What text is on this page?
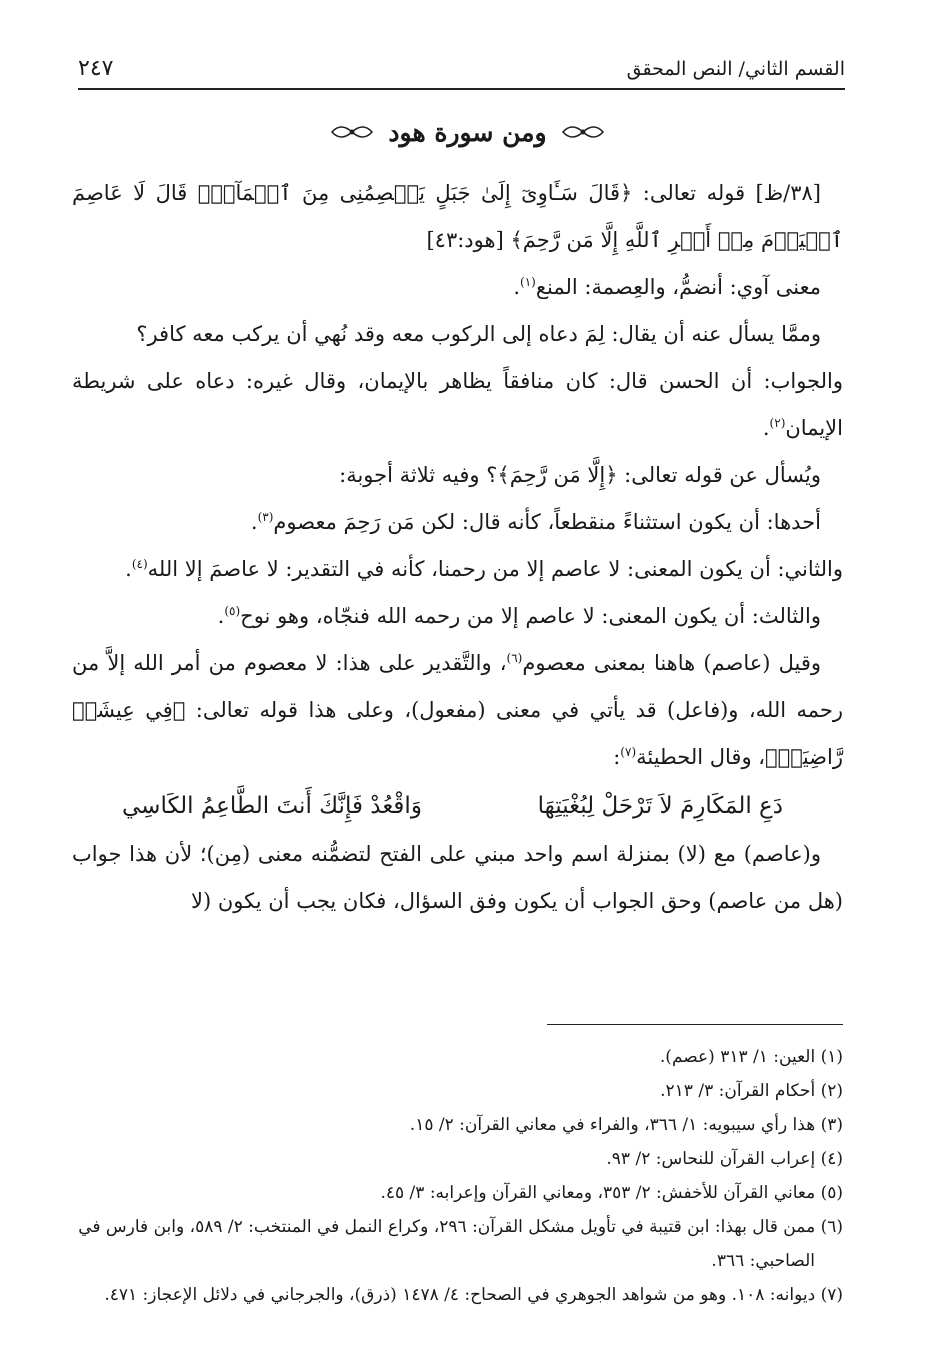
القسم الثاني/ النص المحقق
٢٤٧
ومن سورة هود

[٣٨/ظ] قوله تعالى: ﴿قَالَ سَـَٔاوِىٓ إِلَىٰ جَبَلٍ يَعۡصِمُنِى مِنَ ٱلۡمَآءِۚ قَالَ لَا عَاصِمَ ٱلۡيَوۡمَ مِنۡ أَمۡرِ ٱللَّهِ إِلَّا مَن رَّحِمَ﴾ [هود:٤٣]

معنى آوي: أنضمُّ، والعِصمة: المنع$^{(١)}$.

وممَّا يسأل عنه أن يقال: لِمَ دعاه إلى الركوب معه وقد نُهي أن يركب معه كافر؟

والجواب: أن الحسن قال: كان منافقاً يظاهر بالإيمان، وقال غيره: دعاه على شريطة الإيمان$^{(٢)}$.

ويُسأل عن قوله تعالى: ﴿إِلَّا مَن رَّحِمَ﴾؟ وفيه ثلاثة أجوبة:

أحدها: أن يكون استثناءً منقطعاً، كأنه قال: لكن مَن رَحِمَ معصوم$^{(٣)}$.

والثاني: أن يكون المعنى: لا عاصم إلا من رحمنا، كأنه في التقدير: لا عاصمَ إلا الله$^{(٤)}$.

والثالث: أن يكون المعنى: لا عاصم إلا من رحمه الله فنجّاه، وهو نوح$^{(٥)}$.

وقيل (عاصم) هاهنا بمعنى معصوم$^{(٦)}$، والتَّقدير على هذا: لا معصوم من أمر الله إلاَّ من رحمه الله، و(فاعل) قد يأتي في معنى (مفعول)، وعلى هذا قوله تعالى: ﴿فِي عِيشَةٖ رَّاضِيَةٖ﴾، وقال الحطيئة$^{(٧)}$:

دَعِ المَكَارِمَ لاَ تَرْحَلْ لِبُغْيَتِهَا
وَاقْعُدْ فَإِنَّكَ أَنتَ الطَّاعِمُ الكَاسِي

و(عاصم) مع (لا) بمنزلة اسم واحد مبني على الفتح لتضمُّنه معنى (مِن)؛ لأن هذا جواب (هل من عاصم) وحق الجواب أن يكون وفق السؤال، فكان يجب أن يكون (لا

(١) العين: ١/ ٣١٣ (عصم).
(٢) أحكام القرآن: ٣/ ٢١٣.
(٣) هذا رأي سيبويه: ١/ ٣٦٦، والفراء في معاني القرآن: ٢/ ١٥.
(٤) إعراب القرآن للنحاس: ٢/ ٩٣.
(٥) معاني القرآن للأخفش: ٢/ ٣٥٣، ومعاني القرآن وإعرابه: ٣/ ٤٥.
(٦) ممن قال بهذا: ابن قتيبة في تأويل مشكل القرآن: ٢٩٦، وكراع النمل في المنتخب: ٢/ ٥٨٩، وابن فارس في
الصاحبي: ٣٦٦.
(٧) ديوانه: ١٠٨. وهو من شواهد الجوهري في الصحاح: ٤/ ١٤٧٨ (ذرق)، والجرجاني في دلائل الإعجاز: ٤٧١.
